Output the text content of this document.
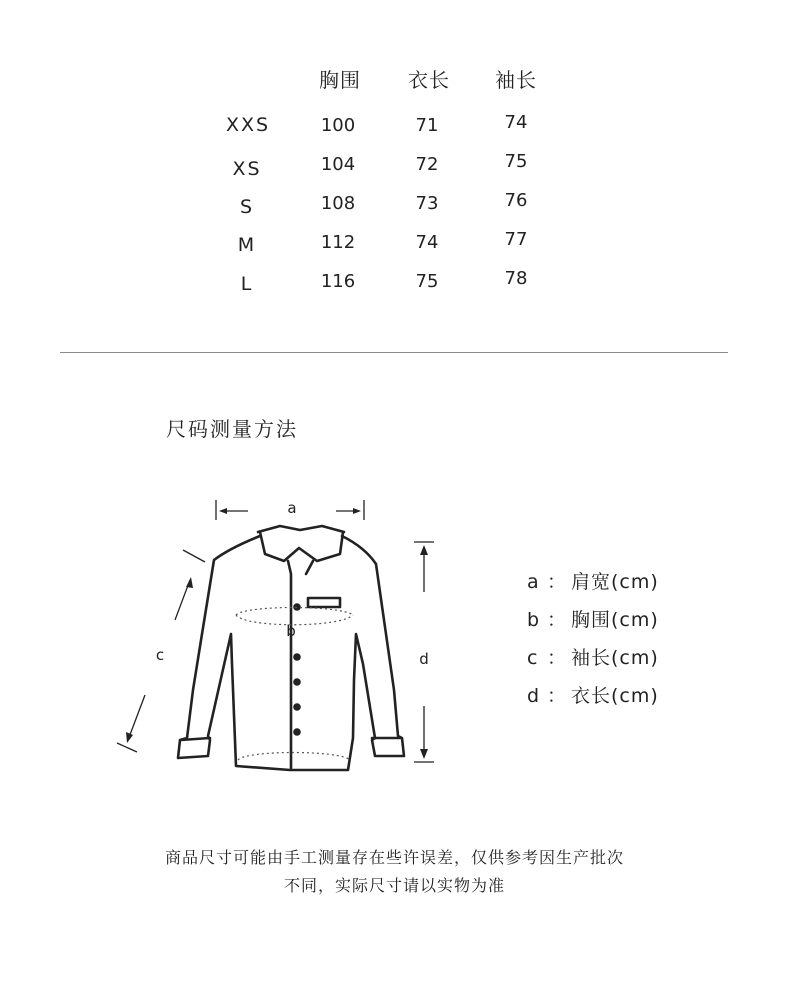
胸围 衣长 袖长
XXS	100	71	74
XS	104	72	75
S	108	73	76
M	112	74	77
L	116	75	78
尺码测量方法
a
b
c	d
a ： 肩宽(cm)
b ： 胸围(cm)
c ： 袖长(cm)
d ： 衣长(cm)
商品尺寸可能由手工测量存在些许误差，仅供参考因生产批次
不同，实际尺寸请以实物为准
